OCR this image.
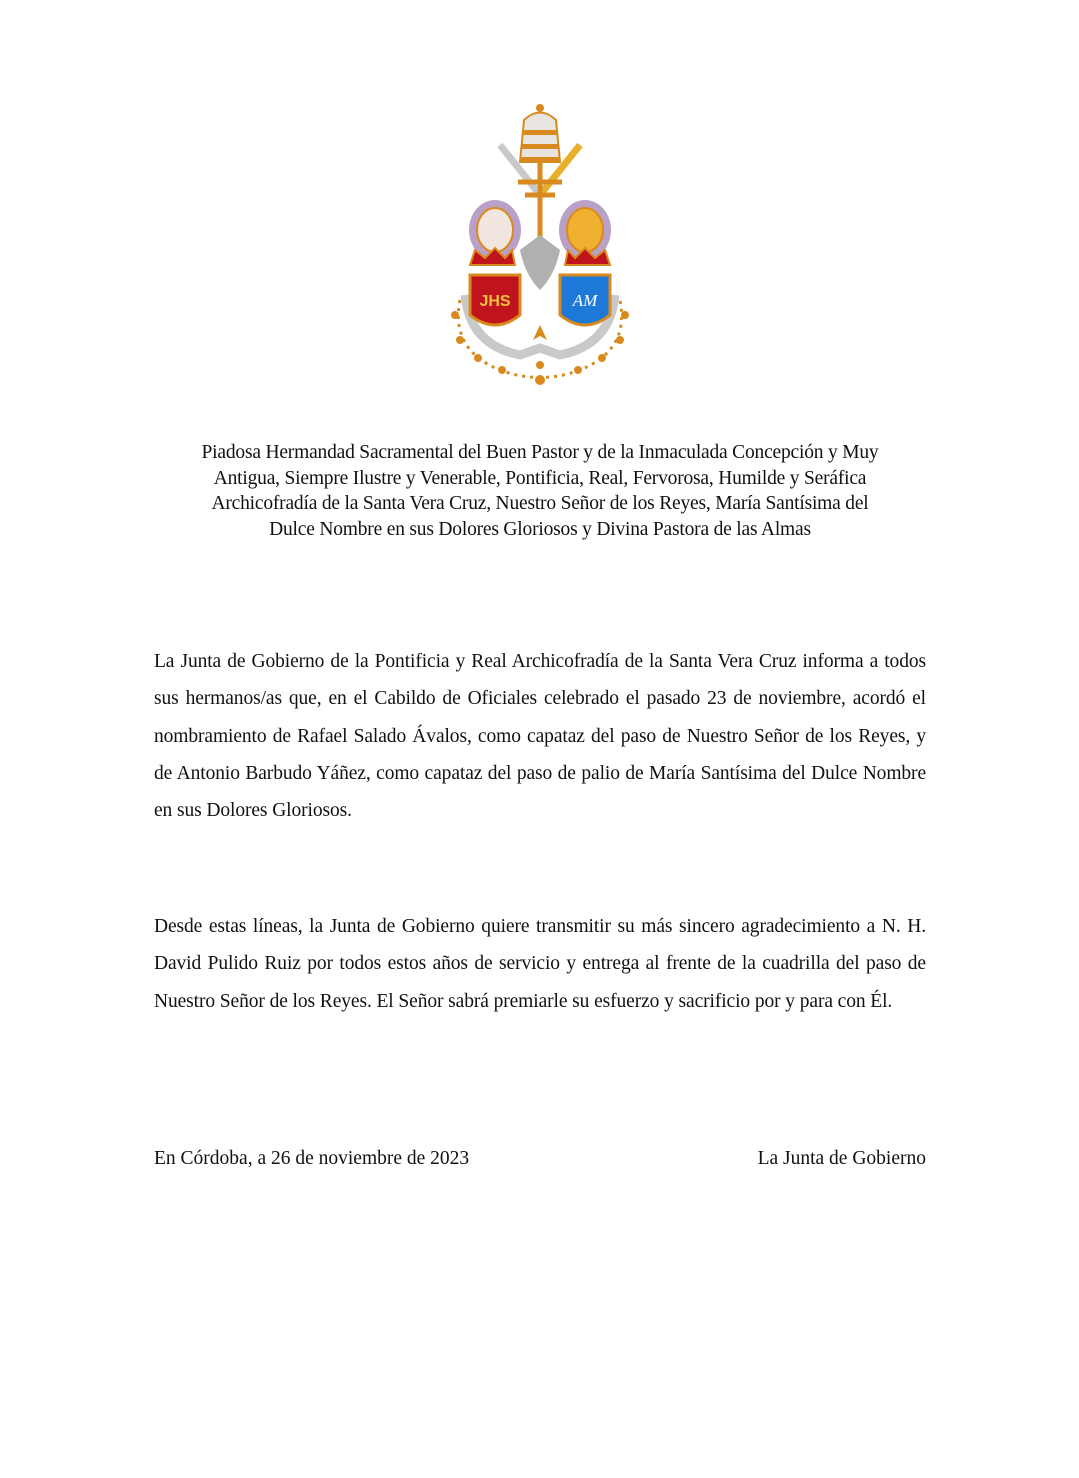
JHS	AM
Piadosa Hermandad Sacramental del Buen Pastor y de la Inmaculada Concepción y Muy
Antigua, Siempre Ilustre y Venerable, Pontificia, Real, Fervorosa, Humilde y Seráfica
Archicofradía de la Santa Vera Cruz, Nuestro Señor de los Reyes, María Santísima del
Dulce Nombre en sus Dolores Gloriosos y Divina Pastora de las Almas

La Junta de Gobierno de la Pontificia y Real Archicofradía de la Santa Vera Cruz informa a todos sus hermanos/as que, en el Cabildo de Oficiales celebrado el pasado 23 de noviembre, acordó el nombramiento de Rafael Salado Ávalos, como capataz del paso de Nuestro Señor de los Reyes, y de Antonio Barbudo Yáñez, como capataz del paso de palio de María Santísima del Dulce Nombre en sus Dolores Gloriosos.

Desde estas líneas, la Junta de Gobierno quiere transmitir su más sincero agradecimiento a N. H. David Pulido Ruiz por todos estos años de servicio y entrega al frente de la cuadrilla del paso de Nuestro Señor de los Reyes. El Señor sabrá premiarle su esfuerzo y sacrificio por y para con Él.

En Córdoba, a 26 de noviembre de 2023	La Junta de Gobierno
